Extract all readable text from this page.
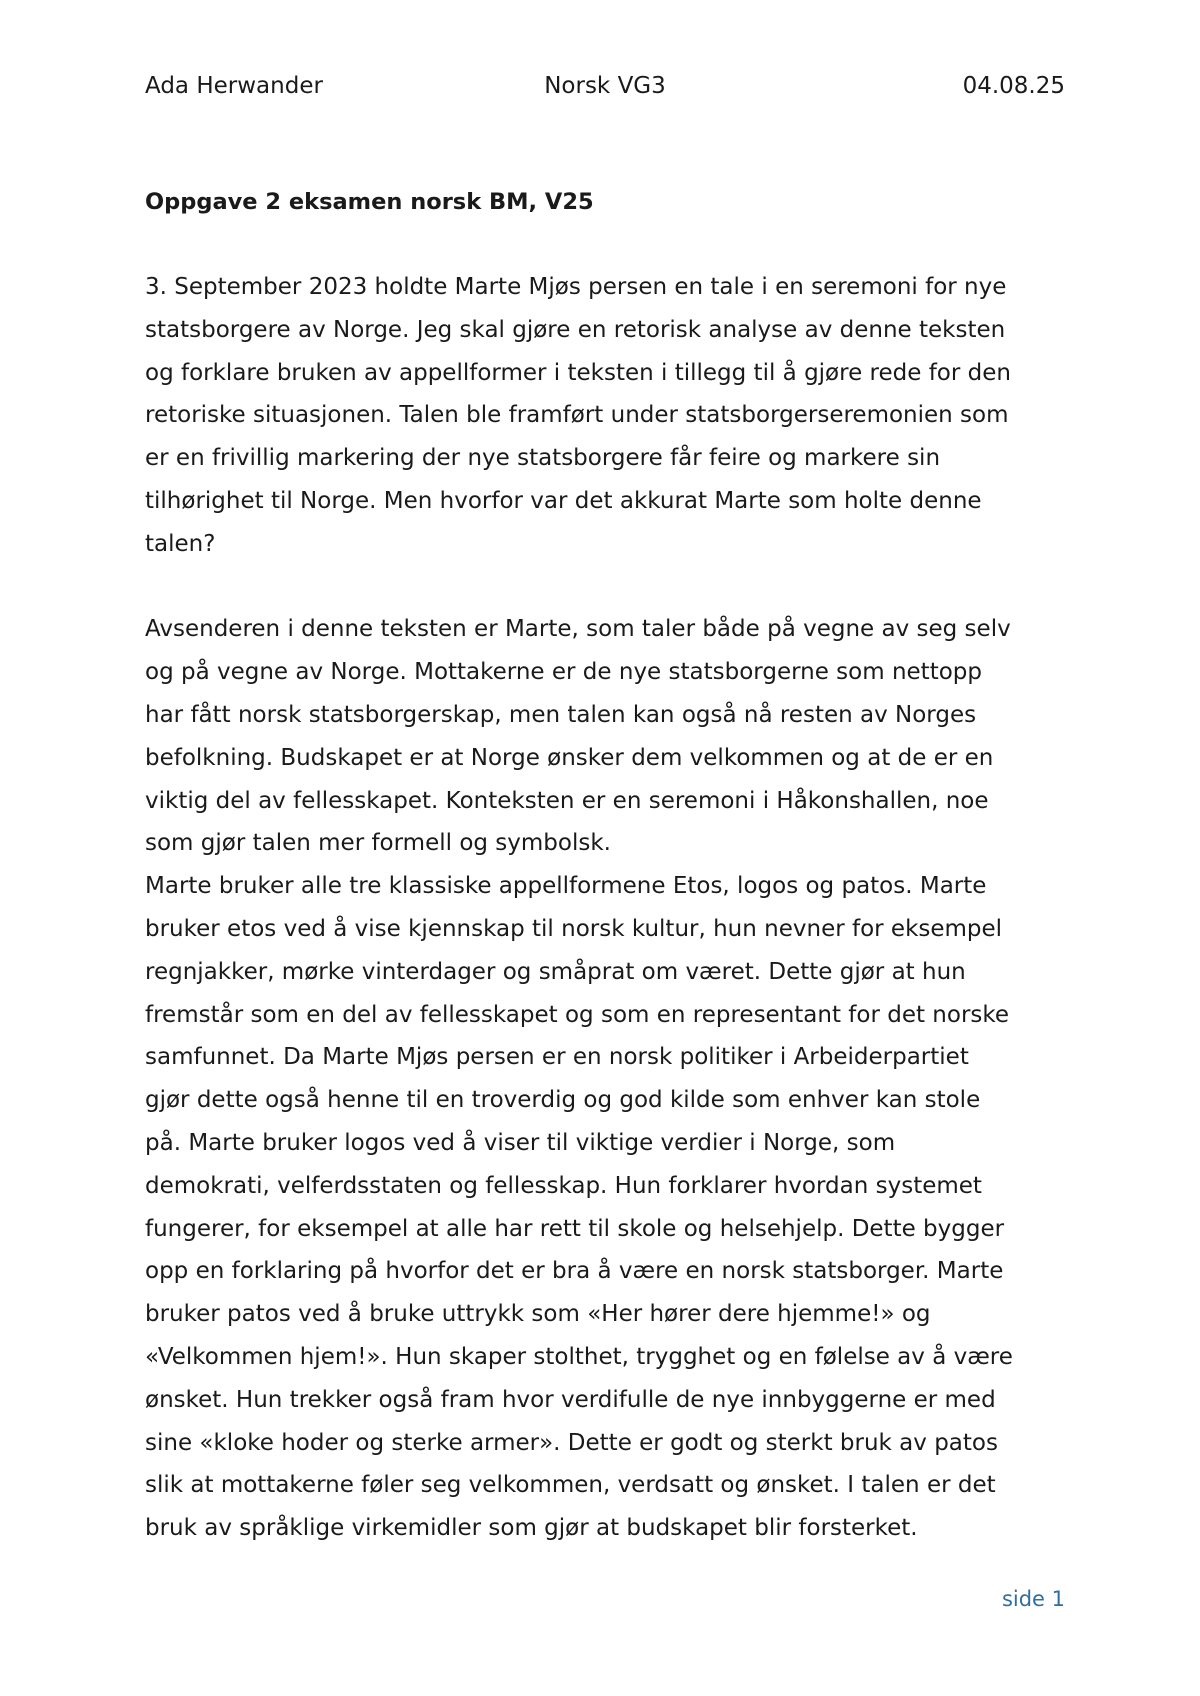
Ada Herwander	Norsk VG3	04.08.25
Oppgave 2 eksamen norsk BM, V25

3. September 2023 holdte Marte Mjøs persen en tale i en seremoni for nye
statsborgere av Norge. Jeg skal gjøre en retorisk analyse av denne teksten
og forklare bruken av appellformer i teksten i tillegg til å gjøre rede for den
retoriske situasjonen. Talen ble framført under statsborgerseremonien som
er en frivillig markering der nye statsborgere får feire og markere sin
tilhørighet til Norge. Men hvorfor var det akkurat Marte som holte denne
talen?

Avsenderen i denne teksten er Marte, som taler både på vegne av seg selv
og på vegne av Norge. Mottakerne er de nye statsborgerne som nettopp
har fått norsk statsborgerskap, men talen kan også nå resten av Norges
befolkning. Budskapet er at Norge ønsker dem velkommen og at de er en
viktig del av fellesskapet. Konteksten er en seremoni i Håkonshallen, noe
som gjør talen mer formell og symbolsk.

Marte bruker alle tre klassiske appellformene Etos, logos og patos. Marte
bruker etos ved å vise kjennskap til norsk kultur, hun nevner for eksempel
regnjakker, mørke vinterdager og småprat om været. Dette gjør at hun
fremstår som en del av fellesskapet og som en representant for det norske
samfunnet. Da Marte Mjøs persen er en norsk politiker i Arbeiderpartiet
gjør dette også henne til en troverdig og god kilde som enhver kan stole
på. Marte bruker logos ved å viser til viktige verdier i Norge, som
demokrati, velferdsstaten og fellesskap. Hun forklarer hvordan systemet
fungerer, for eksempel at alle har rett til skole og helsehjelp. Dette bygger
opp en forklaring på hvorfor det er bra å være en norsk statsborger. Marte
bruker patos ved å bruke uttrykk som «Her hører dere hjemme!» og
«Velkommen hjem!». Hun skaper stolthet, trygghet og en følelse av å være
ønsket. Hun trekker også fram hvor verdifulle de nye innbyggerne er med
sine «kloke hoder og sterke armer». Dette er godt og sterkt bruk av patos
slik at mottakerne føler seg velkommen, verdsatt og ønsket. I talen er det
bruk av språklige virkemidler som gjør at budskapet blir forsterket.

side 1
